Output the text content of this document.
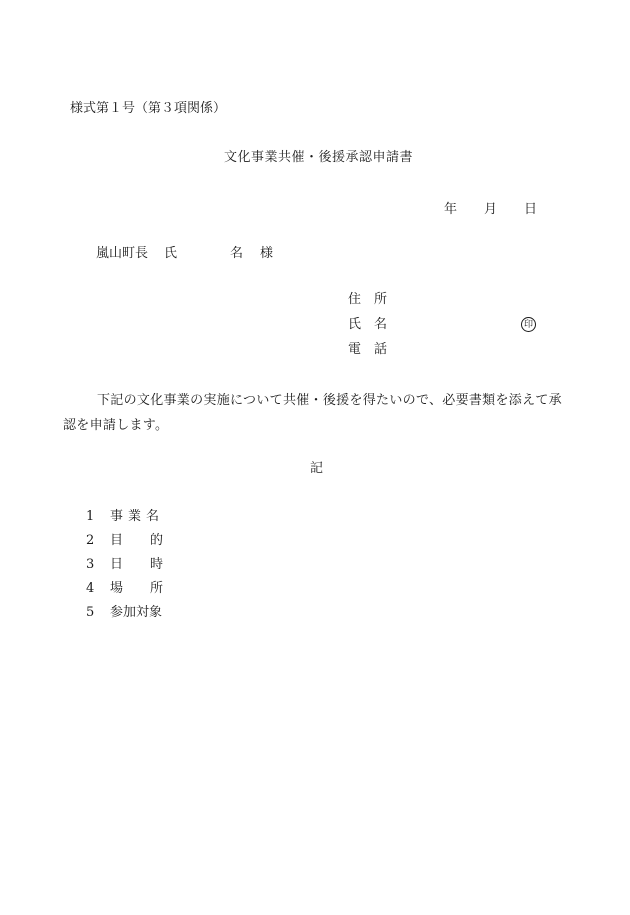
様式第１号（第３項関係）
文化事業共催・後援承認申請書
年 月 日
嵐山町長 氏	名 様
住　所
氏　名	印
電　話
下記の文化事業の実施について共催・後援を得たいので、必要書類を添えて承
認を申請します。
記
1 事業名
2 目 的
3 日 時
4 場 所
5 参加対象
